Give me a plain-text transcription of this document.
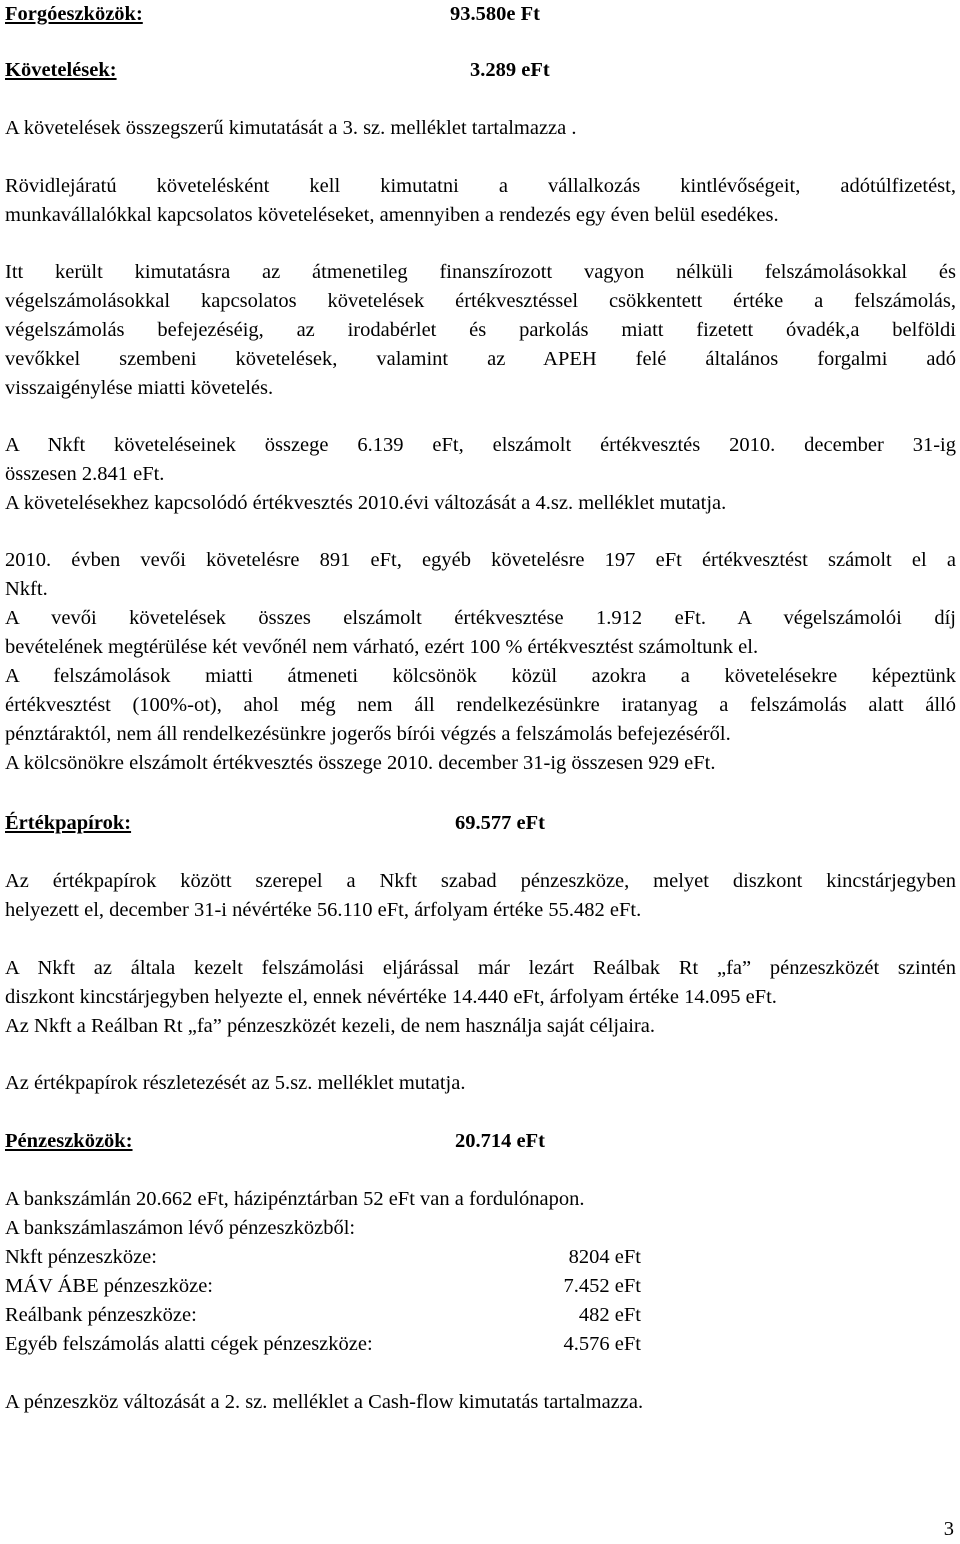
Forgóeszközök:	93.580e Ft
Követelések:	3.289 eFt
A követelések összegszerű kimutatását a 3. sz. melléklet tartalmazza .
Rövidlejáratú követelésként kell kimutatni a vállalkozás kintlévőségeit, adótúlfizetést,
munkavállalókkal kapcsolatos követeléseket, amennyiben a rendezés egy éven belül esedékes.
Itt került kimutatásra az átmenetileg finanszírozott vagyon nélküli felszámolásokkal és
végelszámolásokkal kapcsolatos követelések értékvesztéssel csökkentett értéke a felszámolás,
végelszámolás befejezéséig, az irodabérlet és parkolás miatt fizetett óvadék,a belföldi
vevőkkel szembeni követelések, valamint az APEH felé általános forgalmi adó
visszaigénylése miatti követelés.
A Nkft követeléseinek összege 6.139 eFt, elszámolt értékvesztés 2010. december 31-ig
összesen 2.841 eFt.
A követelésekhez kapcsolódó értékvesztés 2010.évi változását a 4.sz. melléklet mutatja.
2010. évben vevői követelésre 891 eFt, egyéb követelésre 197 eFt értékvesztést számolt el a
Nkft.
A vevői követelések összes elszámolt értékvesztése 1.912 eFt. A végelszámolói díj
bevételének megtérülése két vevőnél nem várható, ezért 100 % értékvesztést számoltunk el.
A felszámolások miatti átmeneti kölcsönök közül azokra a követelésekre képeztünk
értékvesztést (100%-ot), ahol még nem áll rendelkezésünkre iratanyag a felszámolás alatt álló
pénztáraktól, nem áll rendelkezésünkre jogerős bírói végzés a felszámolás befejezéséről.
A kölcsönökre elszámolt értékvesztés összege 2010. december 31-ig összesen 929 eFt.
Értékpapírok:	69.577 eFt
Az értékpapírok között szerepel a Nkft szabad pénzeszköze, melyet diszkont kincstárjegyben
helyezett el, december 31-i névértéke 56.110 eFt, árfolyam értéke 55.482 eFt.
A Nkft az általa kezelt felszámolási eljárással már lezárt Reálbak Rt „fa” pénzeszközét szintén
diszkont kincstárjegyben helyezte el, ennek névértéke 14.440 eFt, árfolyam értéke 14.095 eFt.
Az Nkft a Reálban Rt „fa” pénzeszközét kezeli, de nem használja saját céljaira.
Az értékpapírok részletezését az 5.sz. melléklet mutatja.
Pénzeszközök:	20.714 eFt
A bankszámlán 20.662 eFt, házipénztárban 52 eFt van a fordulónapon.
A bankszámlaszámon lévő pénzeszközből:
Nkft pénzeszköze:	8204 eFt
MÁV ÁBE pénzeszköze:	7.452 eFt
Reálbank pénzeszköze:	482 eFt
Egyéb felszámolás alatti cégek pénzeszköze:	4.576 eFt
A pénzeszköz változását a 2. sz. melléklet a Cash-flow kimutatás tartalmazza.
3
